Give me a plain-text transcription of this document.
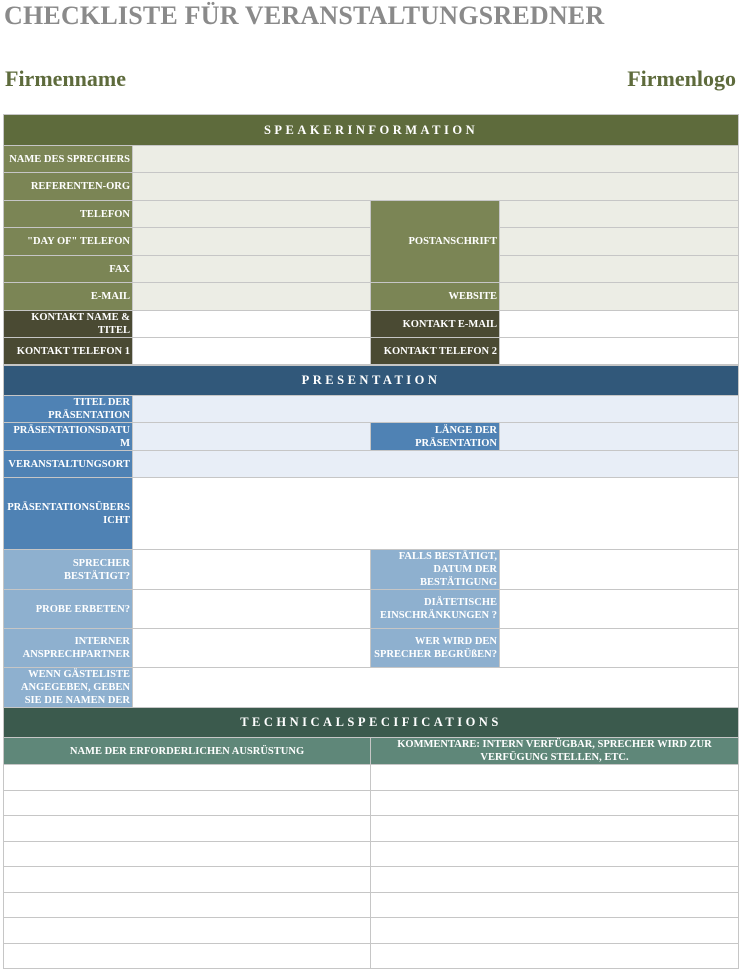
CHECKLISTE FÜR VERANSTALTUNGSREDNER
Firmenname	Firmenlogo
SPEAKERINFORMATION			
NAME DES SPRECHERS			
REFERENTEN-ORG			
TELEFON		POSTANSCHRIFT	
"DAY OF" TELEFON			
FAX			
E-MAIL		WEBSITE	
KONTAKT NAME & TITEL		KONTAKT E-MAIL	
KONTAKT TELEFON 1		KONTAKT TELEFON 2	
PRESENTATION			
TITEL DER PRÄSENTATION			
PRÄSENTATIONSDATUM		LÄNGE DER PRÄSENTATION	
VERANSTALTUNGSORT			
PRÄSENTATIONSÜBERSICHT			
SPRECHER BESTÄTIGT?		FALLS BESTÄTIGT, DATUM DER BESTÄTIGUNG	
PROBE ERBETEN?		DIÄTETISCHE EINSCHRÄNKUNGEN ?	
INTERNER ANSPRECHPARTNER		WER WIRD DEN SPRECHER BEGRÜßEN?	
WENN GÄSTELISTE ANGEGEBEN, GEBEN SIE DIE NAMEN DER			
TECHNICALSPECIFICATIONS	
NAME DER ERFORDERLICHEN AUSRÜSTUNG	KOMMENTARE: INTERN VERFÜGBAR, SPRECHER WIRD ZUR VERFÜGUNG STELLEN, ETC.
